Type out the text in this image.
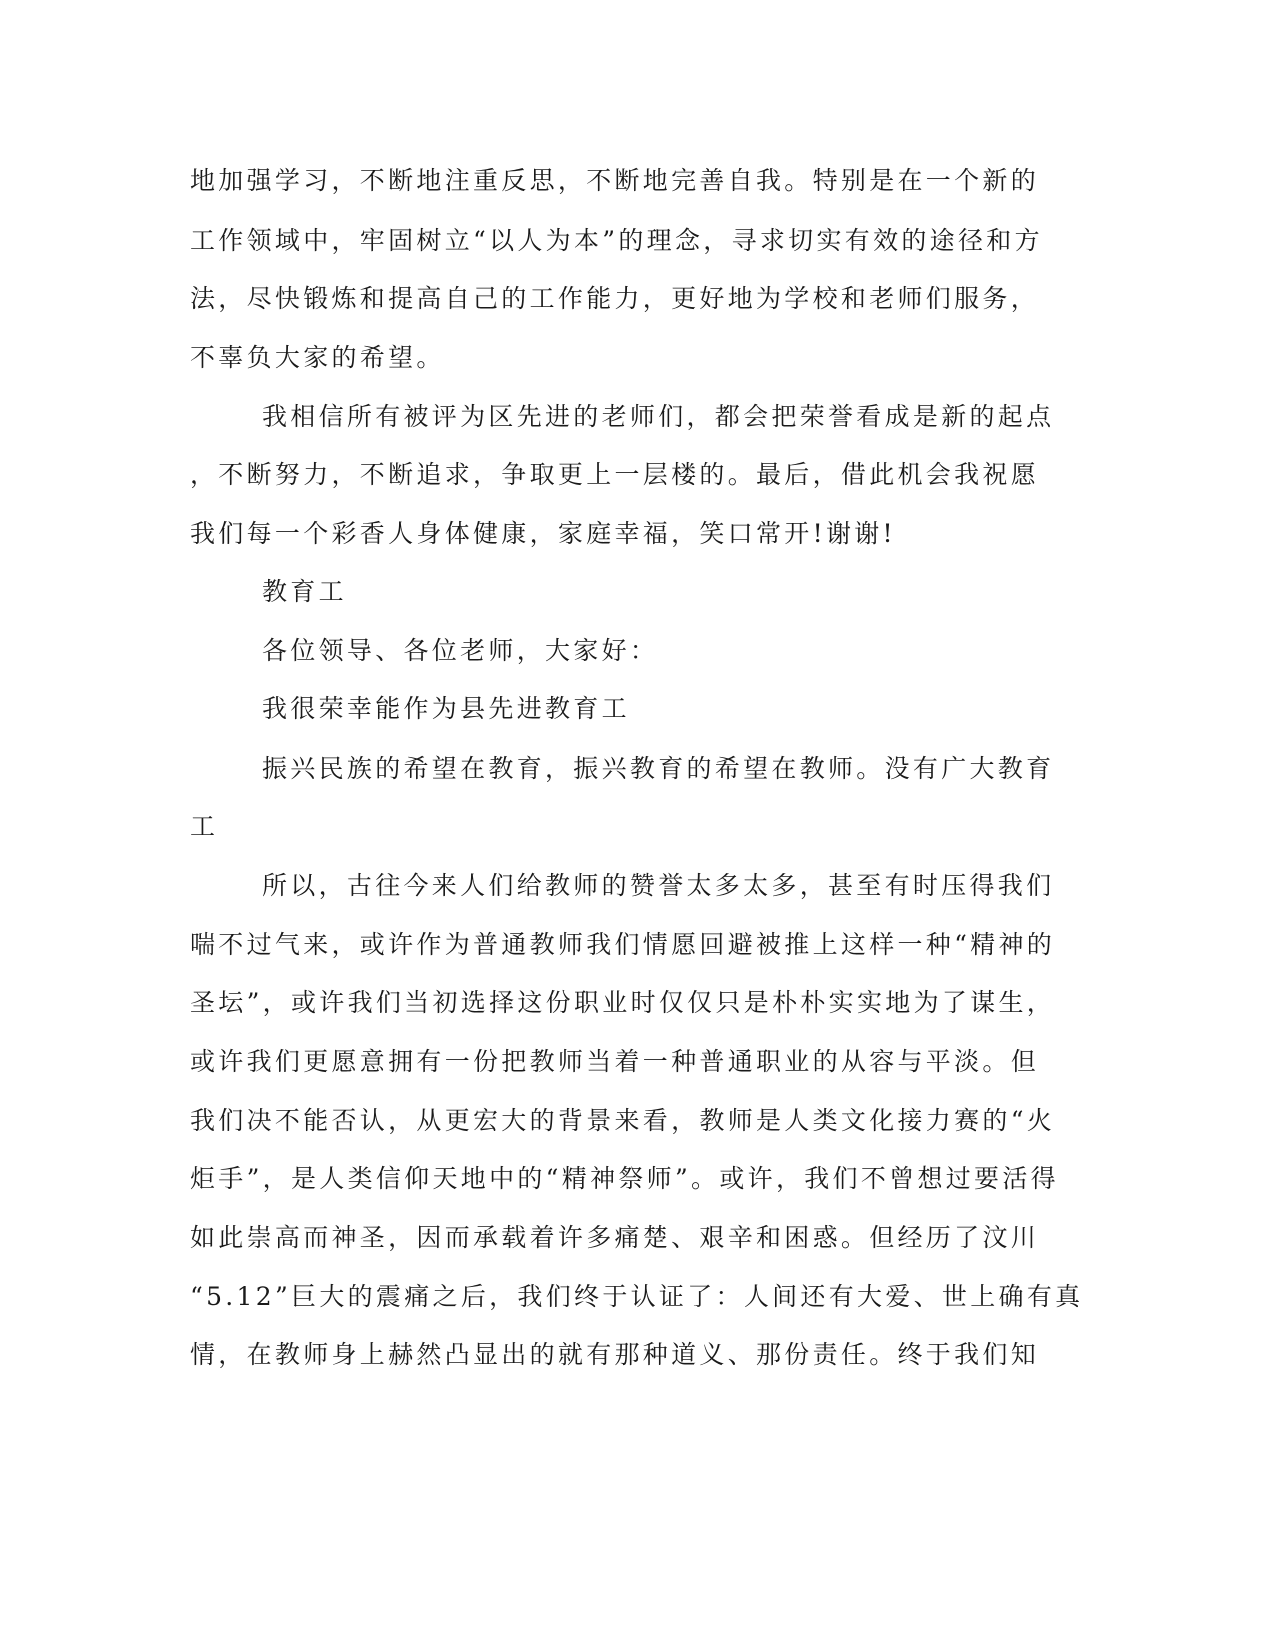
地加强学习，不断地注重反思，不断地完善自我。特别是在一个新的
工作领域中，牢固树立“以人为本”的理念，寻求切实有效的途径和方
法，尽快锻炼和提高自己的工作能力，更好地为学校和老师们服务，
不辜负大家的希望。
我相信所有被评为区先进的老师们，都会把荣誉看成是新的起点
，不断努力，不断追求，争取更上一层楼的。最后，借此机会我祝愿
我们每一个彩香人身体健康，家庭幸福，笑口常开!谢谢!
教育工
各位领导、各位老师，大家好：
我很荣幸能作为县先进教育工
振兴民族的希望在教育，振兴教育的希望在教师。没有广大教育
工
所以，古往今来人们给教师的赞誉太多太多，甚至有时压得我们
喘不过气来，或许作为普通教师我们情愿回避被推上这样一种“精神的
圣坛”，或许我们当初选择这份职业时仅仅只是朴朴实实地为了谋生，
或许我们更愿意拥有一份把教师当着一种普通职业的从容与平淡。但
我们决不能否认，从更宏大的背景来看，教师是人类文化接力赛的“火
炬手”，是人类信仰天地中的“精神祭师”。或许，我们不曾想过要活得
如此崇高而神圣，因而承载着许多痛楚、艰辛和困惑。但经历了汶川
“5.12”巨大的震痛之后，我们终于认证了：人间还有大爱、世上确有真
情，在教师身上赫然凸显出的就有那种道义、那份责任。终于我们知
